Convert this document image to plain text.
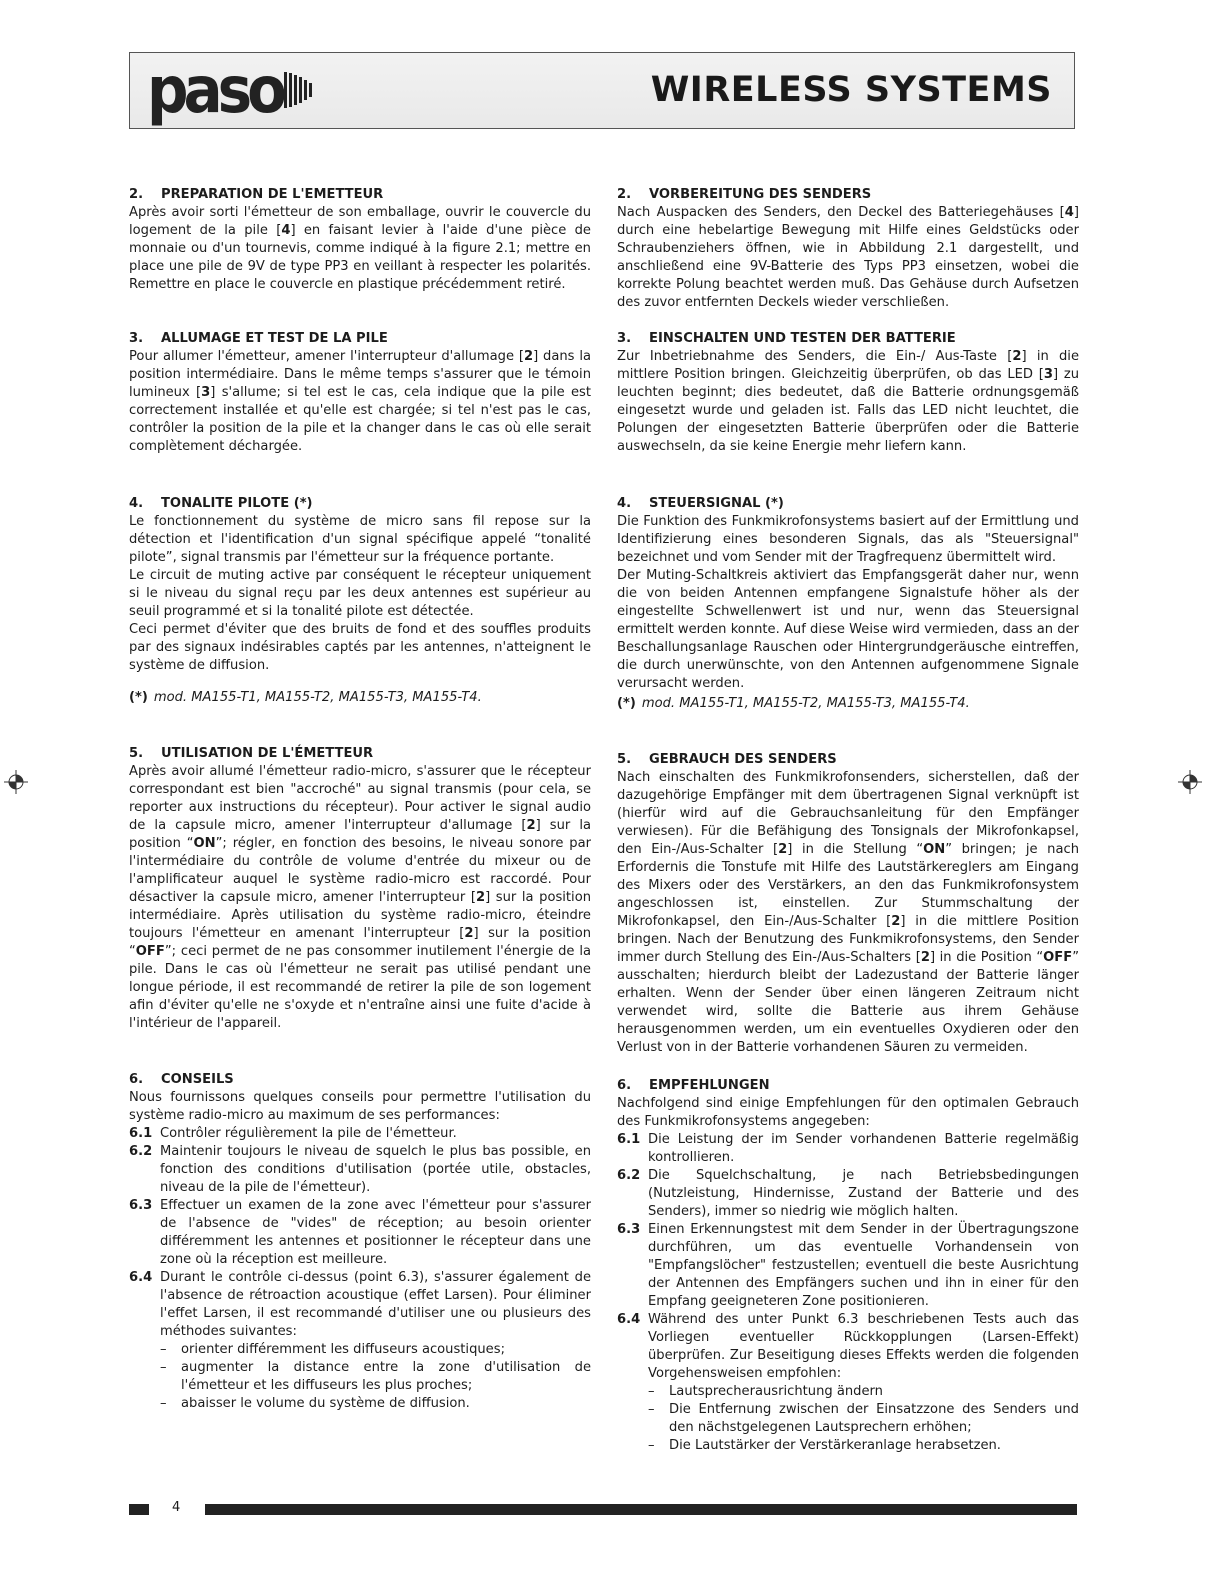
paso	WIRELESS SYSTEMS
2. PREPARATION DE L'EMETTEUR

Après avoir sorti l'émetteur de son emballage, ouvrir le couvercle du logement de la pile [4] en faisant levier à l'aide d'une pièce de monnaie ou d'un tournevis, comme indiqué à la figure 2.1; mettre en place une pile de 9V de type PP3 en veillant à respecter les polarités. Remettre en place le couvercle en plastique précédemment retiré.

3. ALLUMAGE ET TEST DE LA PILE

Pour allumer l'émetteur, amener l'interrupteur d'allumage [2] dans la position intermédiaire. Dans le même temps s'assurer que le témoin lumineux [3] s'allume; si tel est le cas, cela indique que la pile est correctement installée et qu'elle est chargée; si tel n'est pas le cas, contrôler la position de la pile et la changer dans le cas où elle serait complètement déchargée.

4. TONALITE PILOTE (*)

Le fonctionnement du système de micro sans fil repose sur la détection et l'identification d'un signal spécifique appelé “tonalité pilote”, signal transmis par l'émetteur sur la fréquence portante.

Le circuit de muting active par conséquent le récepteur uniquement si le niveau du signal reçu par les deux antennes est supérieur au seuil programmé et si la tonalité pilote est détectée.

Ceci permet d'éviter que des bruits de fond et des souffles produits par des signaux indésirables captés par les antennes, n'atteignent le système de diffusion.

(*) mod. MA155-T1, MA155-T2, MA155-T3, MA155-T4.
5. UTILISATION DE L'ÉMETTEUR

Après avoir allumé l'émetteur radio-micro, s'assurer que le récepteur correspondant est bien "accroché" au signal transmis (pour cela, se reporter aux instructions du récepteur). Pour activer le signal audio de la capsule micro, amener l'interrupteur d'allumage [2] sur la position “ON”; régler, en fonction des besoins, le niveau sonore par l'intermédiaire du contrôle de volume d'entrée du mixeur ou de l'amplificateur auquel le système radio-micro est raccordé. Pour désactiver la capsule micro, amener l'interrupteur [2] sur la position intermédiaire. Après utilisation du système radio-micro, éteindre toujours l'émetteur en amenant l'interrupteur [2] sur la position “OFF”; ceci permet de ne pas consommer inutilement l'énergie de la pile. Dans le cas où l'émetteur ne serait pas utilisé pendant une longue période, il est recommandé de retirer la pile de son logement afin d'éviter qu'elle ne s'oxyde et n'entraîne ainsi une fuite d'acide à l'intérieur de l'appareil.

6. CONSEILS

Nous fournissons quelques conseils pour permettre l'utilisation du système radio-micro au maximum de ses performances:

6.1 Contrôler régulièrement la pile de l'émetteur.
6.2 Maintenir toujours le niveau de squelch le plus bas possible, en fonction des conditions d'utilisation (portée utile, obstacles, niveau de la pile de l'émetteur).
6.3 Effectuer un examen de la zone avec l'émetteur pour s'assurer de l'absence de "vides" de réception; au besoin orienter différemment les antennes et positionner le récepteur dans une zone où la réception est meilleure.
6.4 Durant le contrôle ci-dessus (point 6.3), s'assurer également de l'absence de rétroaction acoustique (effet Larsen). Pour éliminer l'effet Larsen, il est recommandé d'utiliser une ou plusieurs des méthodes suivantes:
–	orienter différemment les diffuseurs acoustiques;
–	augmenter la distance entre la zone d'utilisation de l'émetteur et les diffuseurs les plus proches;
–	abaisser le volume du système de diffusion.
2. VORBEREITUNG DES SENDERS

Nach Auspacken des Senders, den Deckel des Batteriegehäuses [4] durch eine hebelartige Bewegung mit Hilfe eines Geldstücks oder Schraubenziehers öffnen, wie in Abbildung 2.1 dargestellt, und anschließend eine 9V-Batterie des Typs PP3 einsetzen, wobei die korrekte Polung beachtet werden muß. Das Gehäuse durch Aufsetzen des zuvor entfernten Deckels wieder verschließen.

3. EINSCHALTEN UND TESTEN DER BATTERIE

Zur Inbetriebnahme des Senders, die Ein-/ Aus-Taste [2] in die mittlere Position bringen. Gleichzeitig überprüfen, ob das LED [3] zu leuchten beginnt; dies bedeutet, daß die Batterie ordnungsgemäß eingesetzt wurde und geladen ist. Falls das LED nicht leuchtet, die Polungen der eingesetzten Batterie überprüfen oder die Batterie auswechseln, da sie keine Energie mehr liefern kann.

4. STEUERSIGNAL (*)

Die Funktion des Funkmikrofonsystems basiert auf der Ermittlung und Identifizierung eines besonderen Signals, das als "Steuersignal" bezeichnet und vom Sender mit der Tragfrequenz übermittelt wird.

Der Muting-Schaltkreis aktiviert das Empfangsgerät daher nur, wenn die von beiden Antennen empfangene Signalstufe höher als der eingestellte Schwellenwert ist und nur, wenn das Steuersignal ermittelt werden konnte. Auf diese Weise wird vermieden, dass an der Beschallungsanlage Rauschen oder Hintergrundgeräusche eintreffen, die durch unerwünschte, von den Antennen aufgenommene Signale verursacht werden.

(*) mod. MA155-T1, MA155-T2, MA155-T3, MA155-T4.
5. GEBRAUCH DES SENDERS

Nach einschalten des Funkmikrofonsenders, sicherstellen, daß der dazugehörige Empfänger mit dem übertragenen Signal verknüpft ist (hierfür wird auf die Gebrauchsanleitung für den Empfänger verwiesen). Für die Befähigung des Tonsignals der Mikrofonkapsel, den Ein-/Aus-Schalter [2] in die Stellung “ON” bringen; je nach Erfordernis die Tonstufe mit Hilfe des Lautstärkereglers am Eingang des Mixers oder des Verstärkers, an den das Funkmikrofonsystem angeschlossen ist, einstellen. Zur Stummschaltung der Mikrofonkapsel, den Ein-/Aus-Schalter [2] in die mittlere Position bringen. Nach der Benutzung des Funkmikrofonsystems, den Sender immer durch Stellung des Ein-/Aus-Schalters [2] in die Position “OFF” ausschalten; hierdurch bleibt der Ladezustand der Batterie länger erhalten. Wenn der Sender über einen längeren Zeitraum nicht verwendet wird, sollte die Batterie aus ihrem Gehäuse herausgenommen werden, um ein eventuelles Oxydieren oder den Verlust von in der Batterie vorhandenen Säuren zu vermeiden.

6. EMPFEHLUNGEN

Nachfolgend sind einige Empfehlungen für den optimalen Gebrauch des Funkmikrofonsystems angegeben:

6.1 Die Leistung der im Sender vorhandenen Batterie regelmäßig kontrollieren.
6.2 Die Squelchschaltung, je nach Betriebsbedingungen (Nutzleistung, Hindernisse, Zustand der Batterie und des Senders), immer so niedrig wie möglich halten.
6.3 Einen Erkennungstest mit dem Sender in der Übertragungszone durchführen, um das eventuelle Vorhandensein von "Empfangslöcher" festzustellen; eventuell die beste Ausrichtung der Antennen des Empfängers suchen und ihn in einer für den Empfang geeigneteren Zone positionieren.
6.4 Während des unter Punkt 6.3 beschriebenen Tests auch das Vorliegen eventueller Rückkopplungen (Larsen-Effekt) überprüfen. Zur Beseitigung dieses Effekts werden die folgenden Vorgehensweisen empfohlen:
–	Lautsprecherausrichtung ändern
–	Die Entfernung zwischen der Einsatzzone des Senders und den nächstgelegenen Lautsprechern erhöhen;
–	Die Lautstärker der Verstärkeranlage herabsetzen.
4
